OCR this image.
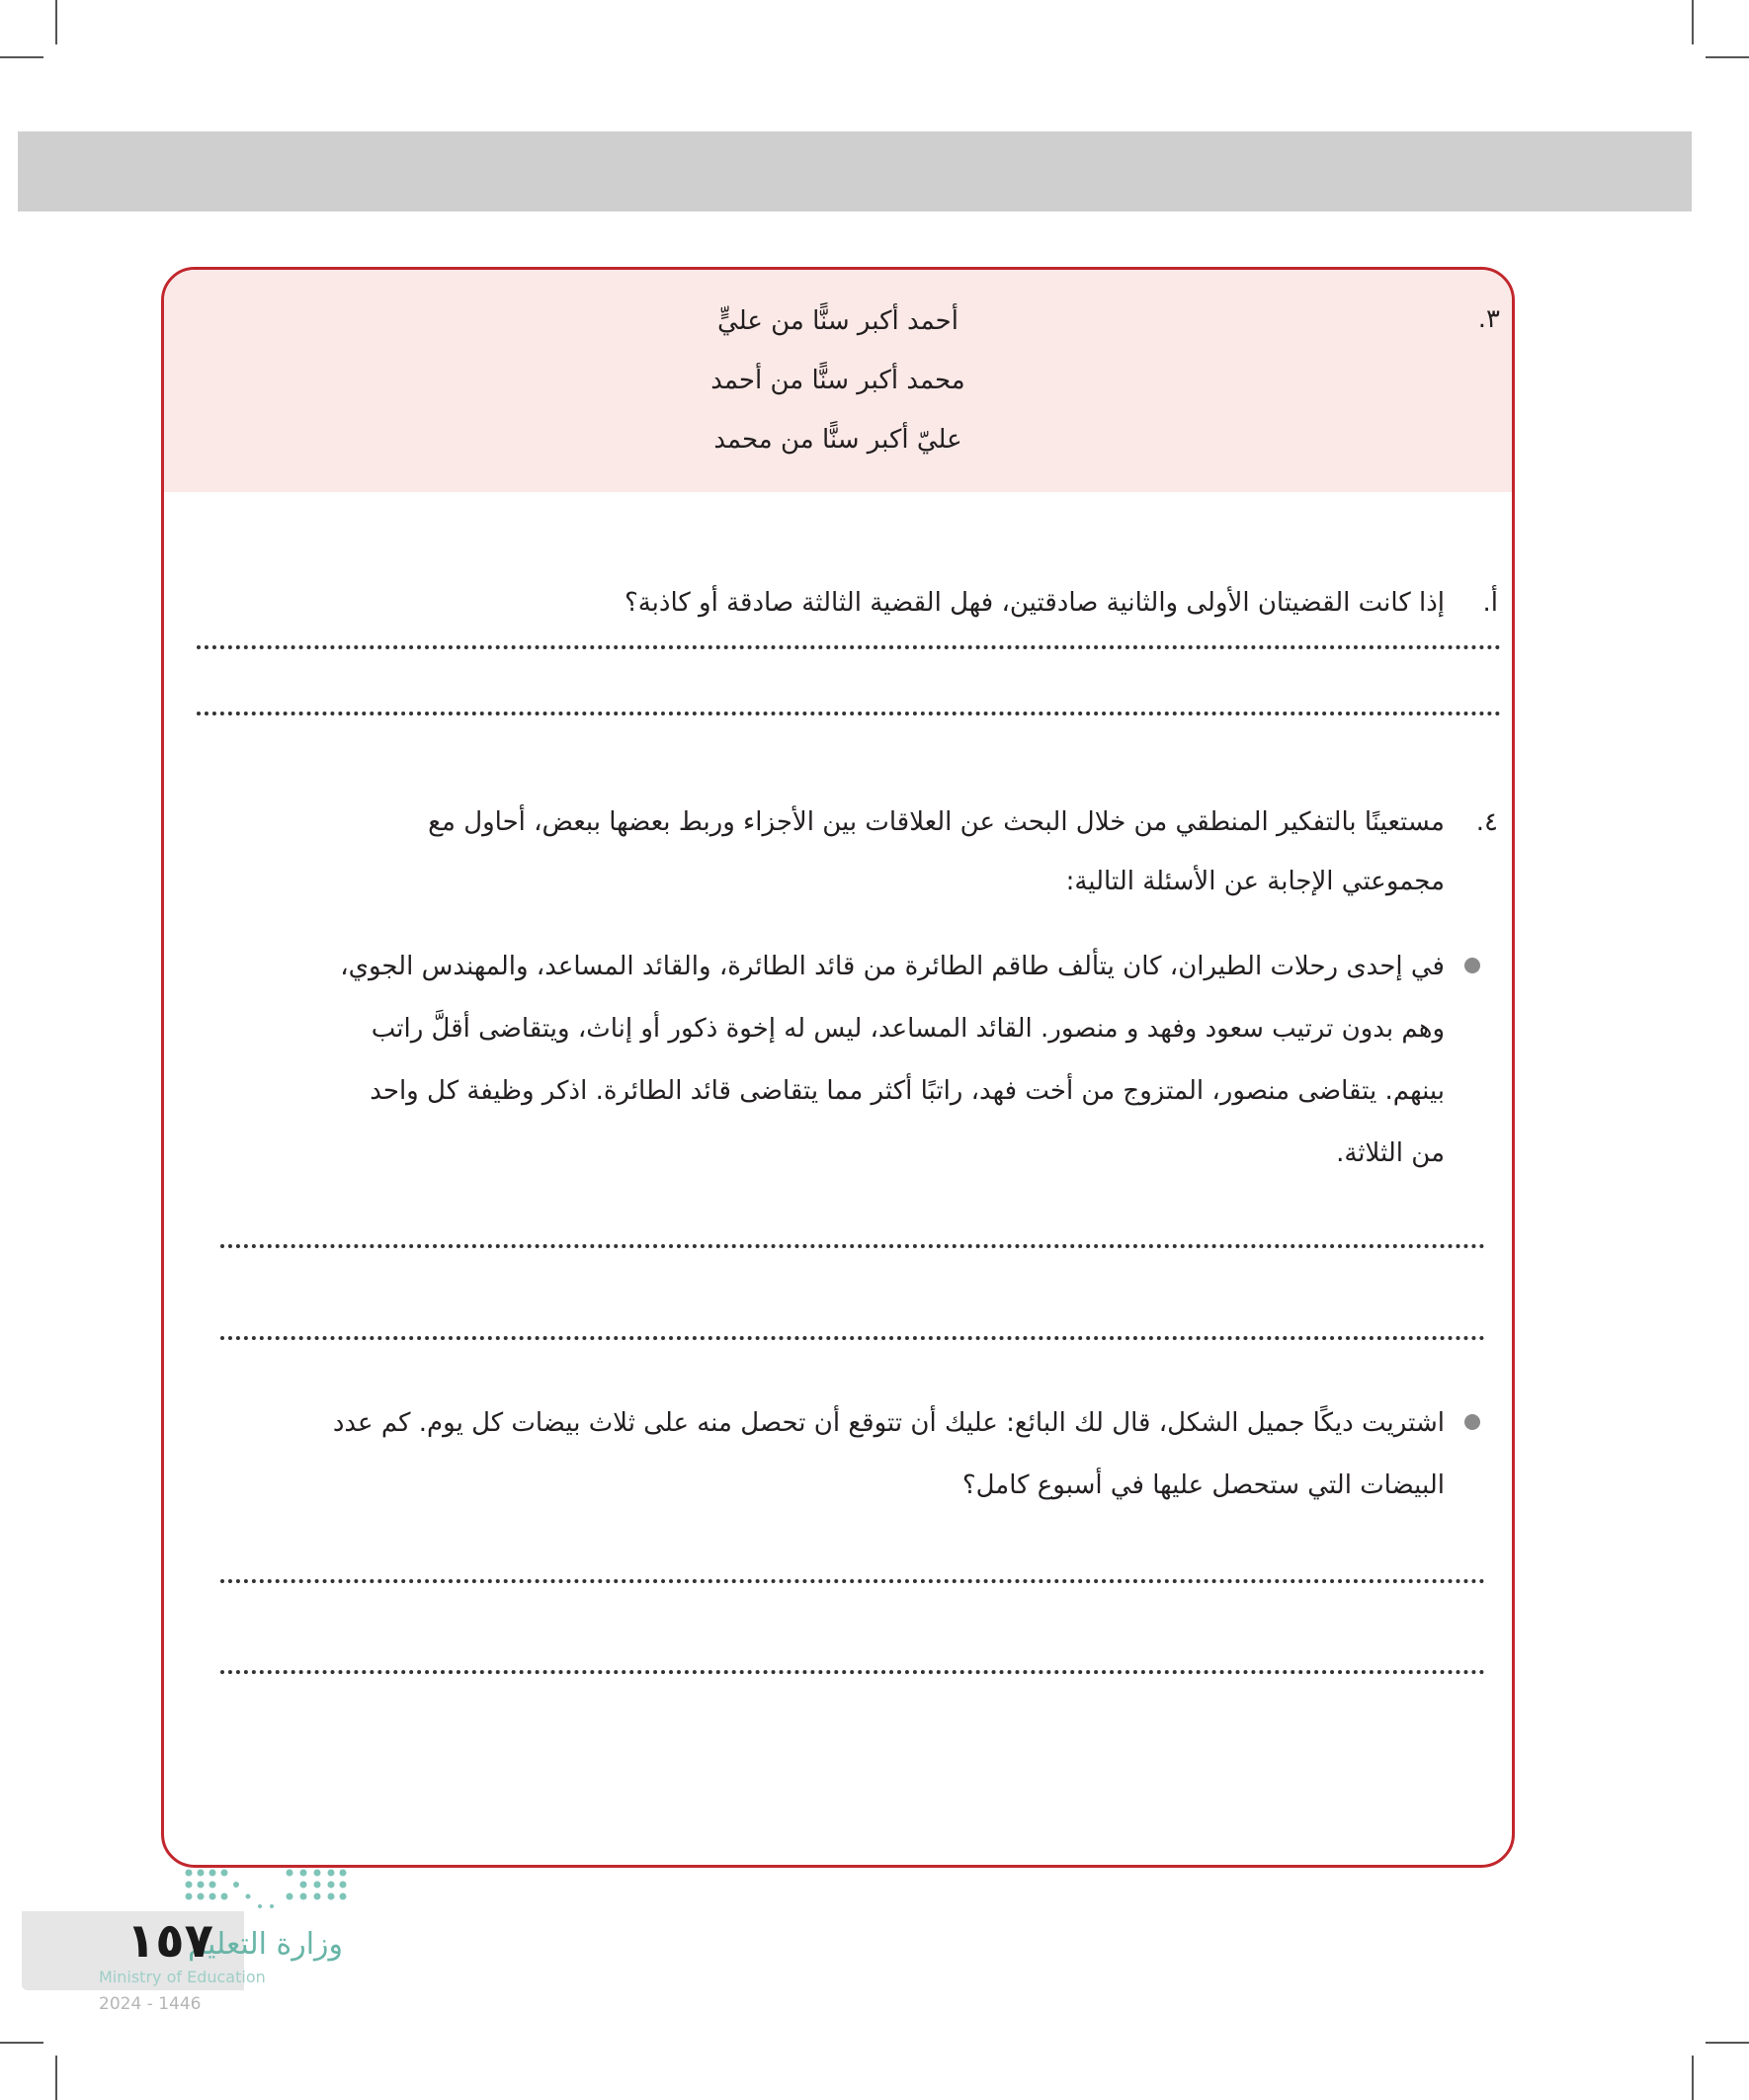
٣.
أحمد أكبر سنًّا من عليٍّ
محمد أكبر سنًّا من أحمد
عليّ أكبر سنًّا من محمد
أ.
إذا كانت القضيتان الأولى والثانية صادقتين، فهل القضية الثالثة صادقة أو كاذبة؟
٤.
مستعينًا بالتفكير المنطقي من خلال البحث عن العلاقات بين الأجزاء وربط بعضها ببعض، أحاول مع
مجموعتي الإجابة عن الأسئلة التالية:
في إحدى رحلات الطيران، كان يتألف طاقم الطائرة من قائد الطائرة، والقائد المساعد، والمهندس الجوي،
وهم بدون ترتيب سعود وفهد و منصور. القائد المساعد، ليس له إخوة ذكور أو إناث، ويتقاضى أقلَّ راتب
بينهم. يتقاضى منصور، المتزوج من أخت فهد، راتبًا أكثر مما يتقاضى قائد الطائرة. اذكر وظيفة كل واحد
من الثلاثة.
اشتريت ديكًا جميل الشكل، قال لك البائع: عليك أن تتوقع أن تحصل منه على ثلاث بيضات كل يوم. كم عدد
البيضات التي ستحصل عليها في أسبوع كامل؟
وزارة التعليم
١٥٧
Ministry of Education
2024 - 1446
